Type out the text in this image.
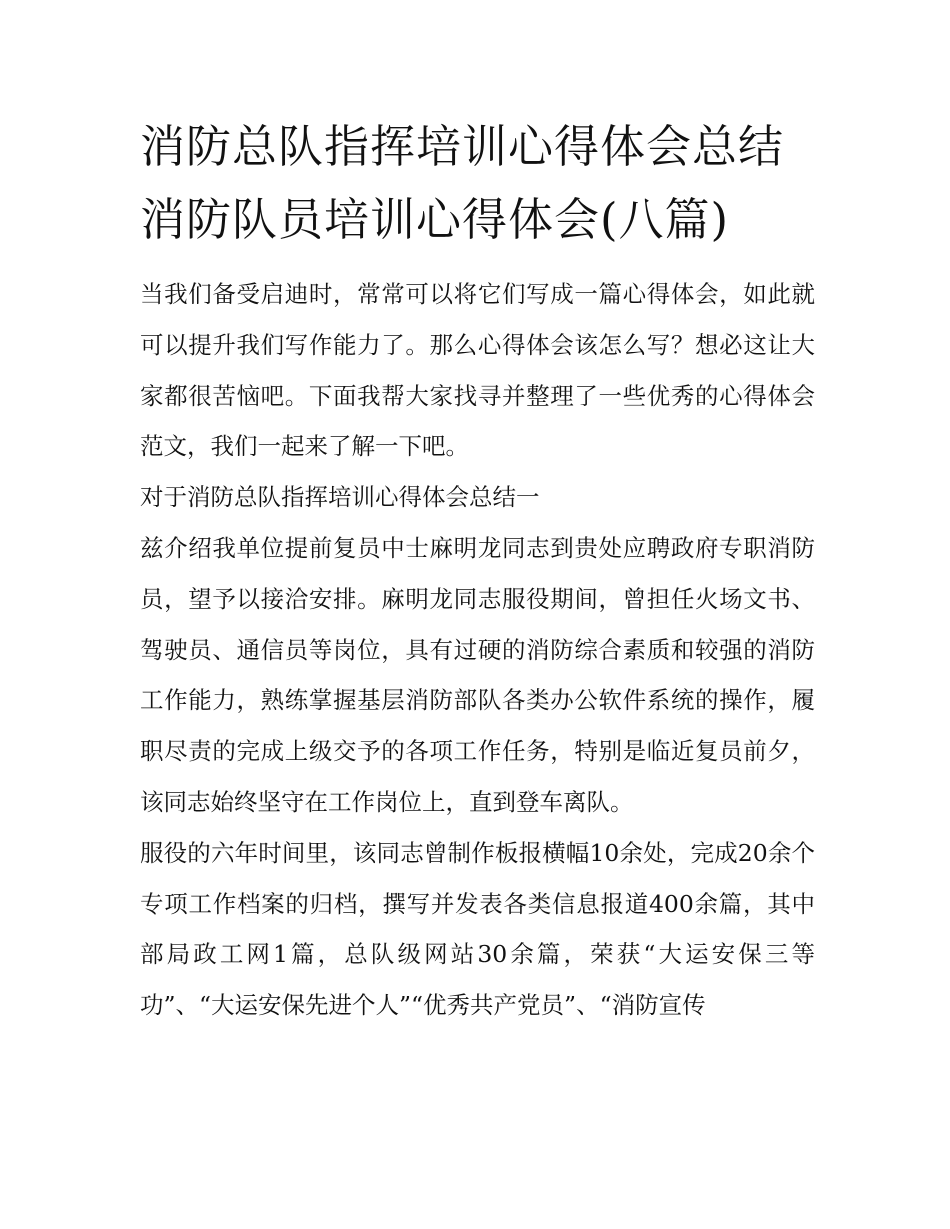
消防总队指挥培训心得体会总结 消防队员培训心得体会(八篇)

当我们备受启迪时，常常可以将它们写成一篇心得体会，如此就可以提升我们写作能力了。那么心得体会该怎么写？想必这让大家都很苦恼吧。下面我帮大家找寻并整理了一些优秀的心得体会范文，我们一起来了解一下吧。

对于消防总队指挥培训心得体会总结一

兹介绍我单位提前复员中士麻明龙同志到贵处应聘政府专职消防员，望予以接洽安排。麻明龙同志服役期间，曾担任火场文书、驾驶员、通信员等岗位，具有过硬的消防综合素质和较强的消防工作能力，熟练掌握基层消防部队各类办公软件系统的操作，履职尽责的完成上级交予的各项工作任务，特别是临近复员前夕，该同志始终坚守在工作岗位上，直到登车离队。

服役的六年时间里，该同志曾制作板报横幅10余处，完成20余个专项工作档案的归档，撰写并发表各类信息报道400余篇，其中部局政工网1篇，总队级网站30余篇，荣获“大运安保三等功”、“大运安保先进个人”“优秀共产党员”、“消防宣传
